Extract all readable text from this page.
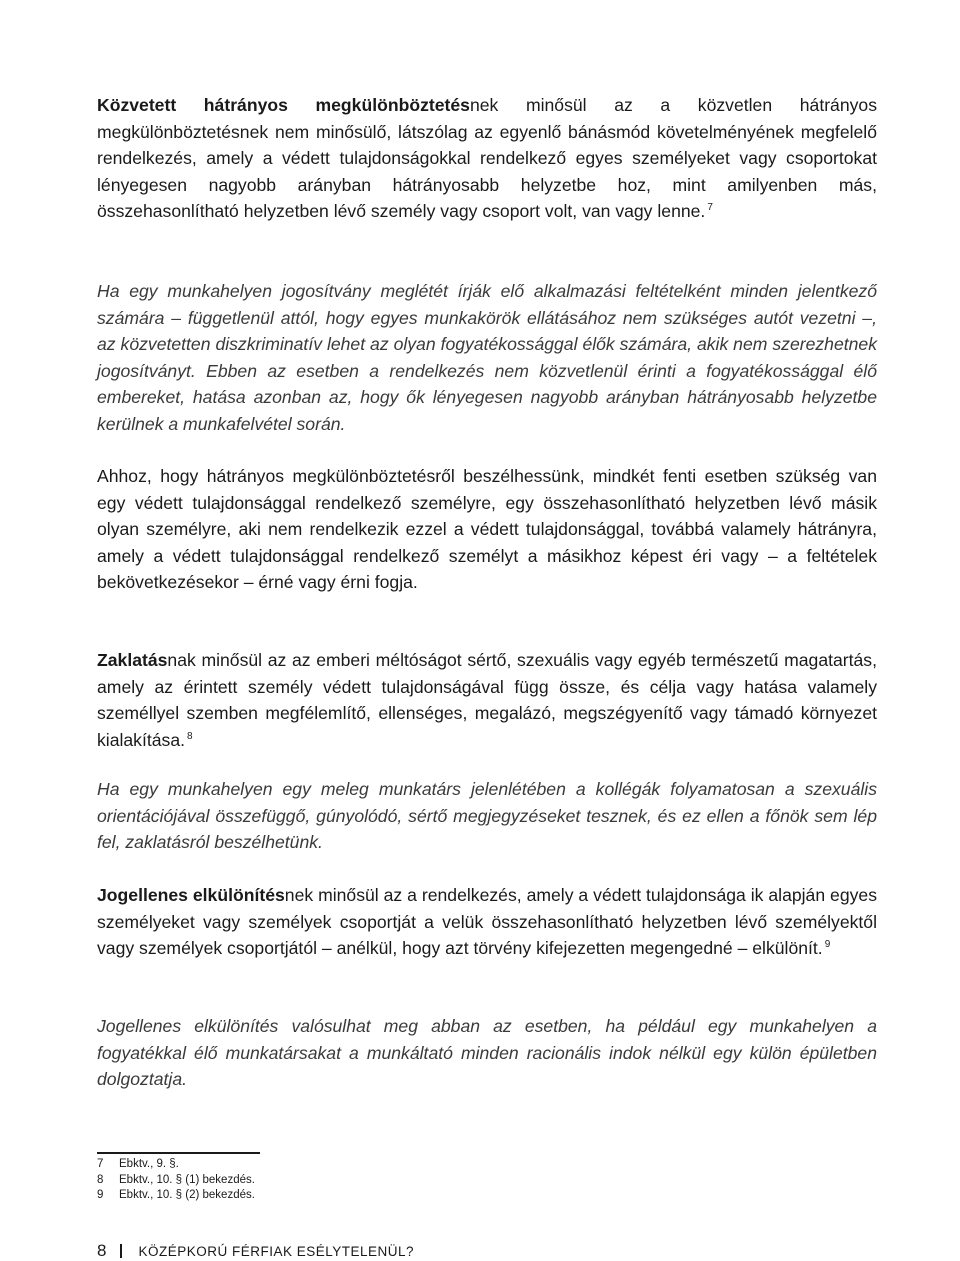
Közvetett hátrányos megkülönböztetésnek minősül az a közvetlen hátrányos megkülönböztetésnek nem minősülő, látszólag az egyenlő bánásmód követelményének megfelelő rendelkezés, amely a védett tulajdonságokkal rendelkező egyes személyeket vagy csoportokat lényegesen nagyobb arányban hátrányosabb helyzetbe hoz, mint amilyenben más, összehasonlítható helyzetben lévő személy vagy csoport volt, van vagy lenne. $^7$

Ha egy munkahelyen jogosítvány meglétét írják elő alkalmazási feltételként minden jelentkező számára – függetlenül attól, hogy egyes munkakörök ellátásához nem szükséges autót vezetni –, az közvetetten diszkriminatív lehet az olyan fogyatékossággal élők számára, akik nem szerezhetnek jogosítványt. Ebben az esetben a rendelkezés nem közvetlenül érinti a fogyatékossággal élő embereket, hatása azonban az, hogy ők lényegesen nagyobb arányban hátrányosabb helyzetbe kerülnek a munkafelvétel során.

Ahhoz, hogy hátrányos megkülönböztetésről beszélhessünk, mindkét fenti esetben szükség van egy védett tulajdonsággal rendelkező személyre, egy összehasonlítható helyzetben lévő másik olyan személyre, aki nem rendelkezik ezzel a védett tulajdonsággal, továbbá valamely hátrányra, amely a védett tulajdonsággal rendelkező személyt a másikhoz képest éri vagy – a feltételek bekövetkezésekor – érné vagy érni fogja.

Zaklatásnak minősül az az emberi méltóságot sértő, szexuális vagy egyéb természetű magatartás, amely az érintett személy védett tulajdonságával függ össze, és célja vagy hatása valamely személlyel szemben megfélemlítő, ellenséges, megalázó, megszégyenítő vagy támadó környezet kialakítása. $^8$

Ha egy munkahelyen egy meleg munkatárs jelenlétében a kollégák folyamatosan a szexuális orientációjával összefüggő, gúnyolódó, sértő megjegyzéseket tesznek, és ez ellen a főnök sem lép fel, zaklatásról beszélhetünk.

Jogellenes elkülönítésnek minősül az a rendelkezés, amely a védett tulajdonsága ik alapján egyes személyeket vagy személyek csoportját a velük összehasonlítható helyzetben lévő személyektől vagy személyek csoportjától – anélkül, hogy azt törvény kifejezetten megengedné – elkülönít. $^9$

Jogellenes elkülönítés valósulhat meg abban az esetben, ha például egy munkahelyen a fogyatékkal élő munkatársakat a munkáltató minden racionális indok nélkül egy külön épületben dolgoztatja.

7	Ebktv., 9. §.
8	Ebktv., 10. § (1) bekezdés.
9	Ebktv., 10. § (2) bekezdés.
8 KÖZÉPKORÚ FÉRFIAK ESÉLYTELENÜL?
